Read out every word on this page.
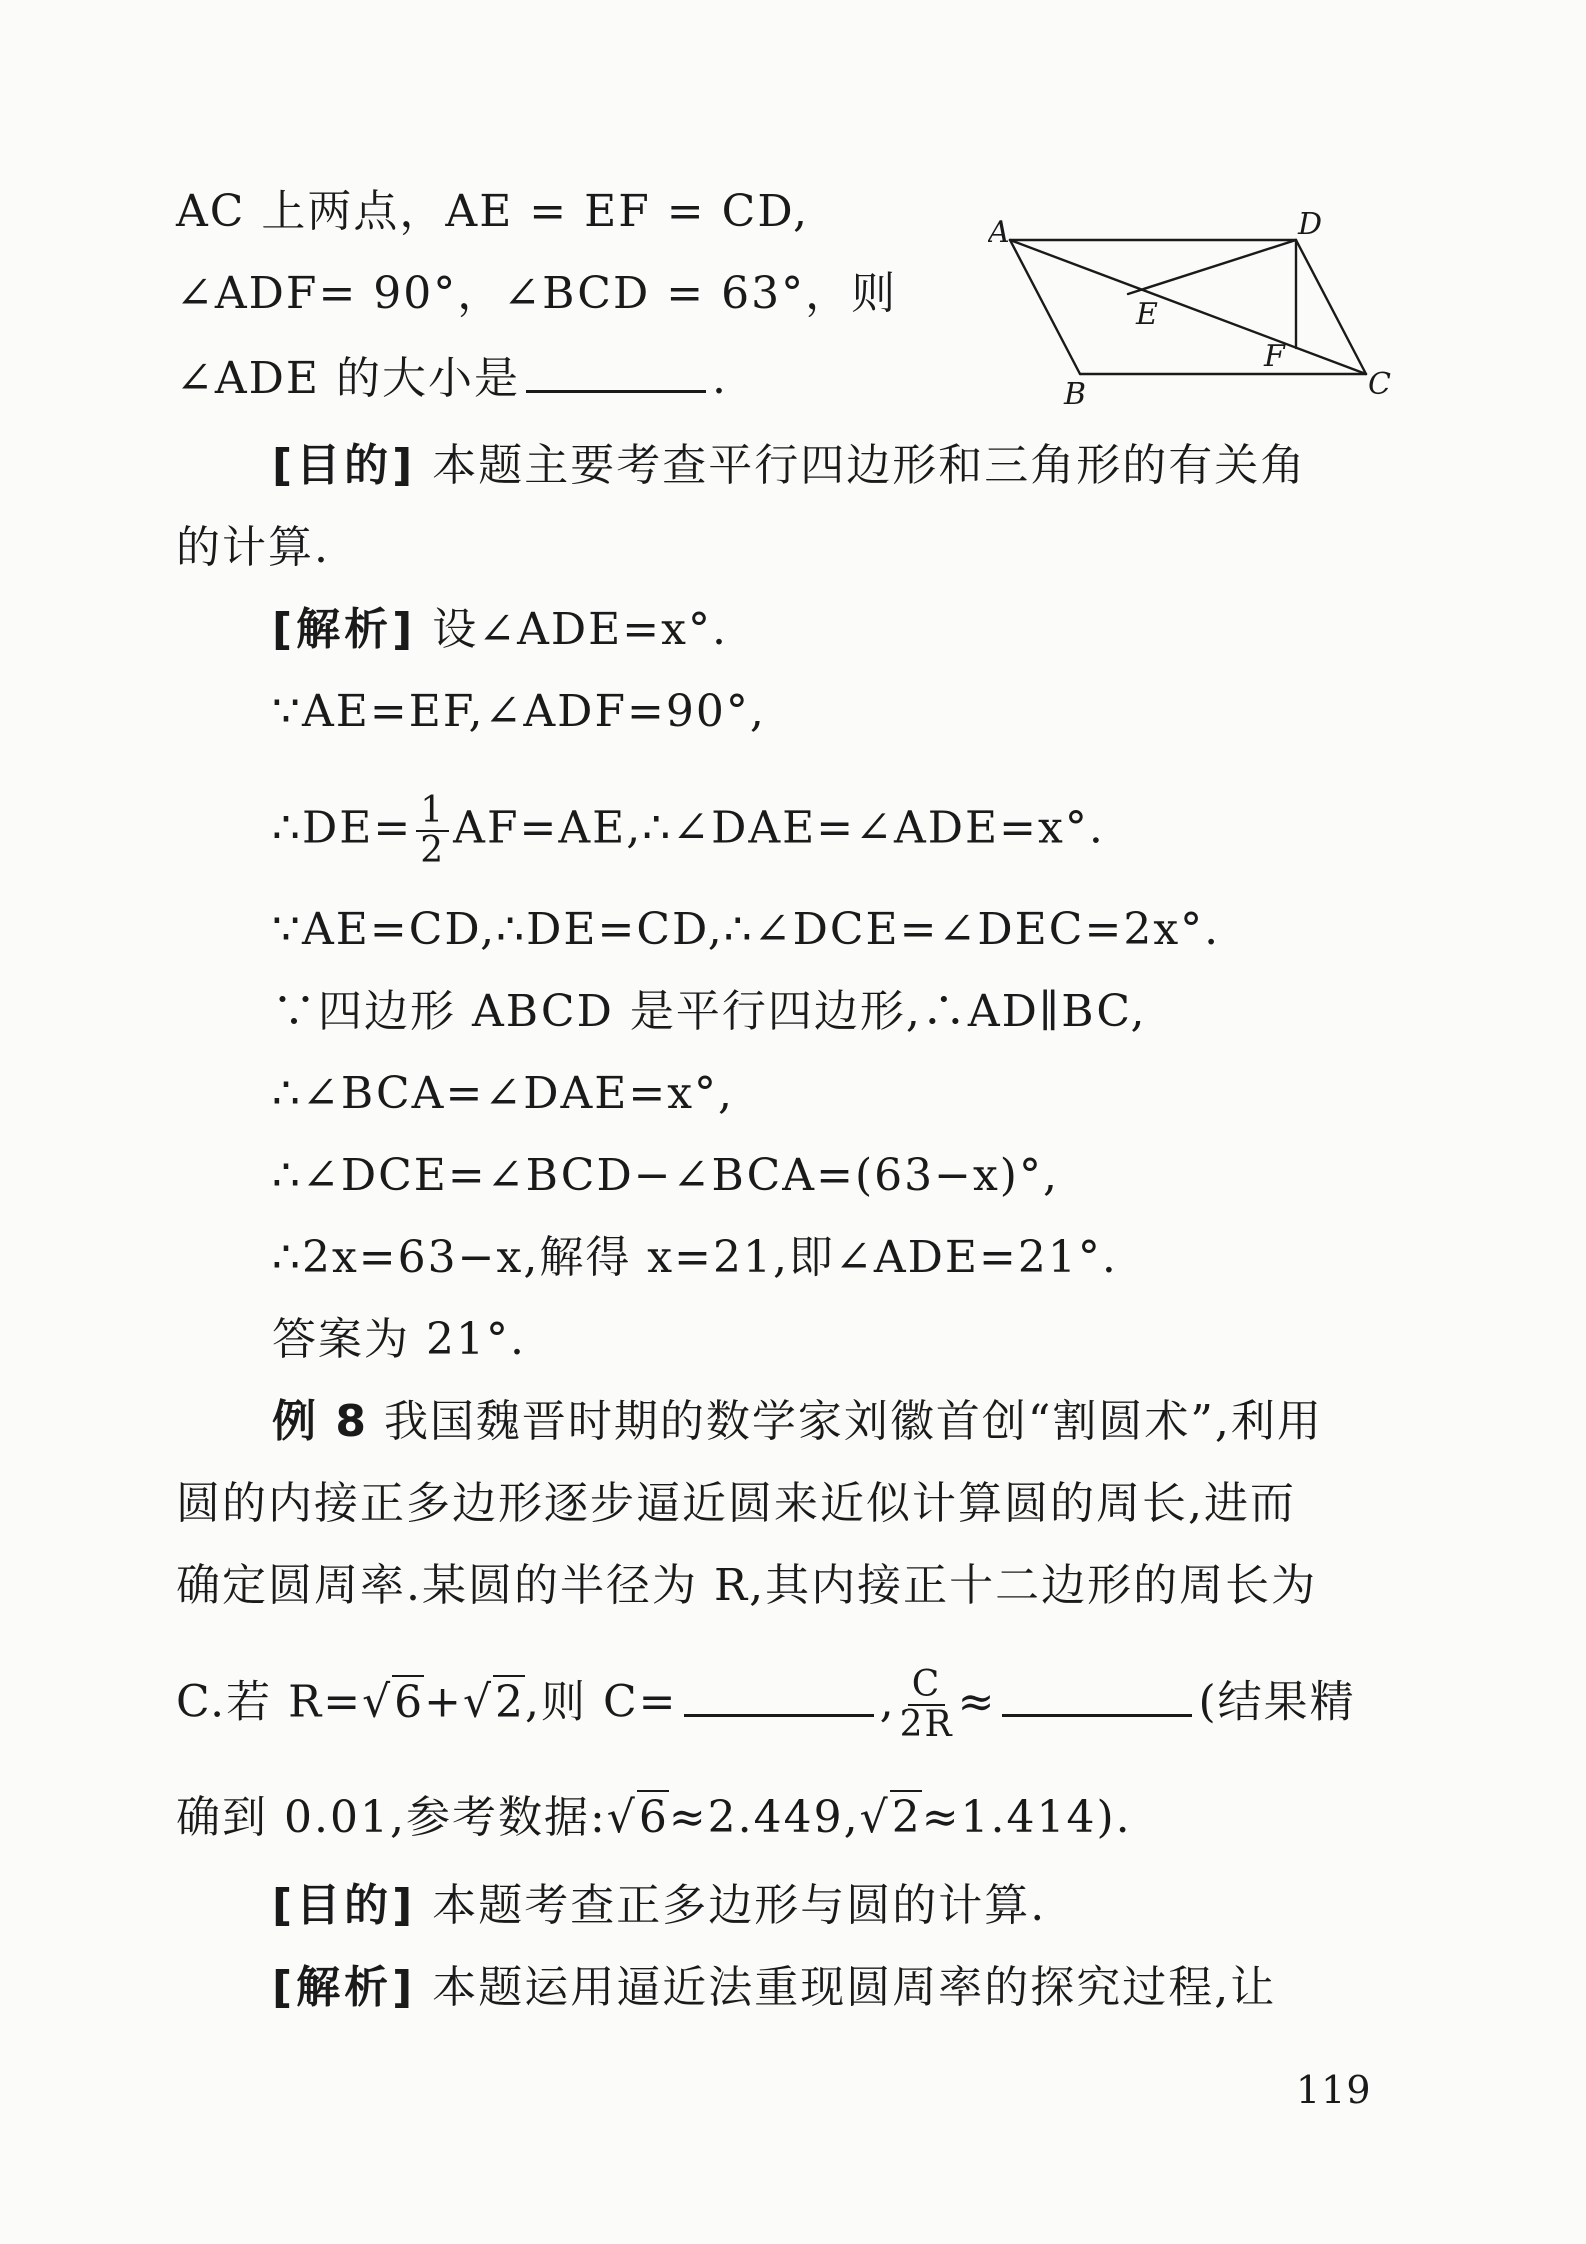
AC 上两点，AE = EF = CD,
∠ADF= 90°，∠BCD = 63°，则
∠ADE 的大小是	.
A	D
E
F
B	C
[目的] 本题主要考查平行四边形和三角形的有关角
的计算.
[解析] 设∠ADE=x°.
∵AE=EF,∠ADF=90°,
∴DE= $\frac{1}{2}$ AF=AE,∴∠DAE=∠ADE=x°.
∵AE=CD,∴DE=CD,∴∠DCE=∠DEC=2x°.
∵四边形 ABCD 是平行四边形,∴AD∥BC,
∴∠BCA=∠DAE=x°,
∴∠DCE=∠BCD−∠BCA=(63−x)°,
∴2x=63−x,解得 x=21,即∠ADE=21°.
答案为 21°.
例 8 我国魏晋时期的数学家刘徽首创“割圆术”,利用
圆的内接正多边形逐步逼近圆来近似计算圆的周长,进而
确定圆周率.某圆的半径为 R,其内接正十二边形的周长为
C.若 R=√6+√2,则 C=	, $\frac{C}{2R}$ ≈	(结果精
确到 0.01,参考数据:√6≈2.449,√2≈1.414).
[目的] 本题考查正多边形与圆的计算.
[解析] 本题运用逼近法重现圆周率的探究过程,让
119
